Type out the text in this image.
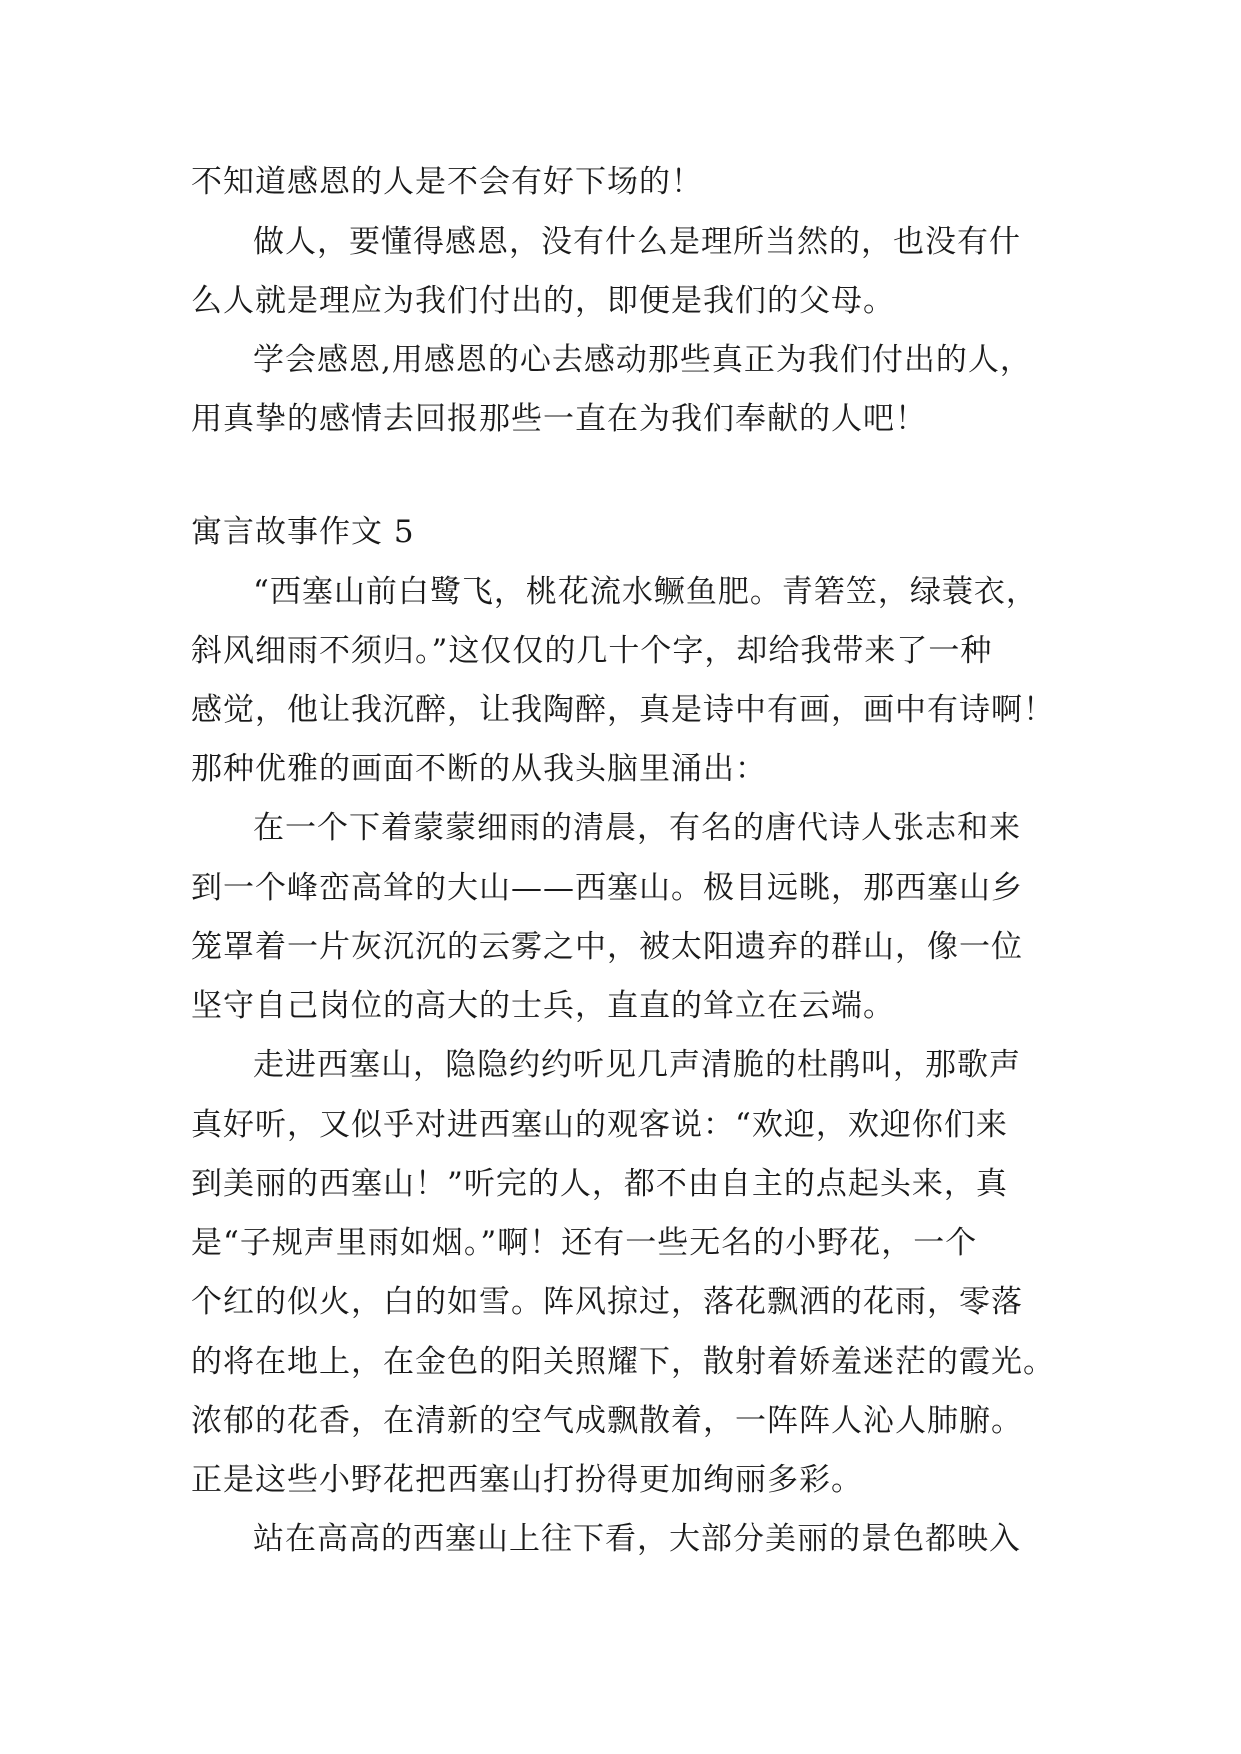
不知道感恩的人是不会有好下场的！
做人，要懂得感恩，没有什么是理所当然的，也没有什
么人就是理应为我们付出的，即便是我们的父母。
学会感恩,用感恩的心去感动那些真正为我们付出的人，
用真挚的感情去回报那些一直在为我们奉献的人吧！
寓言故事作文 5
“西塞山前白鹭飞，桃花流水鳜鱼肥。青箬笠，绿蓑衣，
斜风细雨不须归。”这仅仅的几十个字，却给我带来了一种
感觉，他让我沉醉，让我陶醉，真是诗中有画，画中有诗啊！
那种优雅的画面不断的从我头脑里涌出：
在一个下着蒙蒙细雨的清晨，有名的唐代诗人张志和来
到一个峰峦高耸的大山——西塞山。极目远眺，那西塞山乡
笼罩着一片灰沉沉的云雾之中，被太阳遗弃的群山，像一位
坚守自己岗位的高大的士兵，直直的耸立在云端。
走进西塞山，隐隐约约听见几声清脆的杜鹃叫，那歌声
真好听，又似乎对进西塞山的观客说：“欢迎，欢迎你们来
到美丽的西塞山！”听完的人，都不由自主的点起头来，真
是“子规声里雨如烟。”啊！还有一些无名的小野花，一个
个红的似火，白的如雪。阵风掠过，落花飘洒的花雨，零落
的将在地上，在金色的阳关照耀下，散射着娇羞迷茫的霞光。
浓郁的花香，在清新的空气成飘散着，一阵阵人沁人肺腑。
正是这些小野花把西塞山打扮得更加绚丽多彩。
站在高高的西塞山上往下看，大部分美丽的景色都映入
